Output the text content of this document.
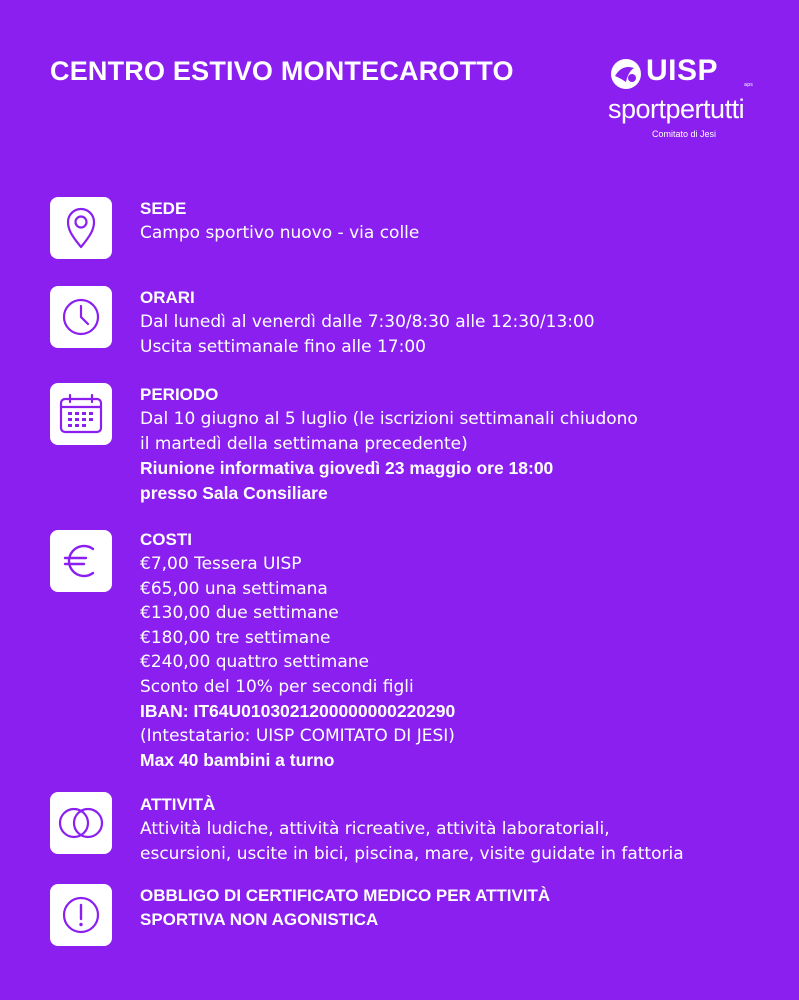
CENTRO ESTIVO MONTECAROTTO	UISP	aps
sportpertutti
Comitato di Jesi
SEDE
Campo sportivo nuovo - via colle
ORARI
Dal lunedì al venerdì dalle 7:30/8:30 alle 12:30/13:00
Uscita settimanale fino alle 17:00
PERIODO
Dal 10 giugno al 5 luglio (le iscrizioni settimanali chiudono
il martedì della settimana precedente)
Riunione informativa giovedì 23 maggio ore 18:00
presso Sala Consiliare
COSTI
€7,00 Tessera UISP
€65,00 una settimana
€130,00 due settimane
€180,00 tre settimane
€240,00 quattro settimane
Sconto del 10% per secondi figli
IBAN: IT64U0103021200000000220290
(Intestatario: UISP COMITATO DI JESI)
Max 40 bambini a turno
ATTIVITÀ
Attività ludiche, attività ricreative, attività laboratoriali,
escursioni, uscite in bici, piscina, mare, visite guidate in fattoria
OBBLIGO DI CERTIFICATO MEDICO PER ATTIVITÀ
SPORTIVA NON AGONISTICA
